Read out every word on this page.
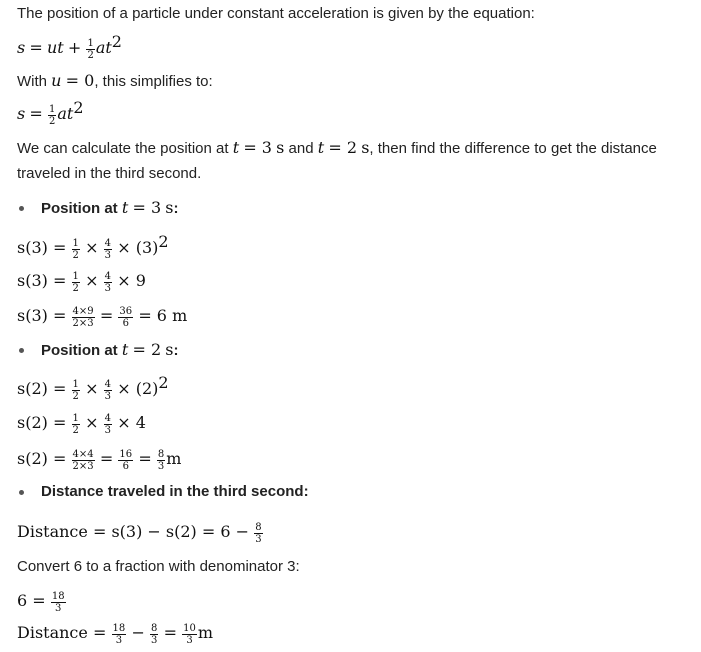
The position of a particle under constant acceleration is given by the equation:
s = ut + $\frac{1}{2} at^2$
With u = 0, this simplifies to:
$s = \frac{1}{2} at^2$
We can calculate the position at t = 3 s and t = 2 s, then find the difference to get the distance
traveled in the third second.
Position at t = 3 s:
$s(3) = \frac{1}{2} \times \frac{4}{3} \times (3)^2$
$s(3) = \frac{1}{2} \times \frac{4}{3} \times 9$
$s(3) = \frac{4\times 9}{2\times 3} = \frac{36}{6} = 6$ m
Position at t = 2 s:
$s(2) = \frac{1}{2} \times \frac{4}{3} \times (2)^2$
$s(2) = \frac{1}{2} \times \frac{4}{3} \times 4$
$s(2) = \frac{4\times 4}{2\times 3} = \frac{16}{6} = \frac{8}{3}$ m
Distance traveled in the third second:
Distance = $s(3) - s(2) = 6 - \frac{8}{3}$
Convert 6 to a fraction with denominator 3:
$6 = \frac{18}{3}$
Distance = $\frac{18}{3} - \frac{8}{3} = \frac{10}{3}$ m
